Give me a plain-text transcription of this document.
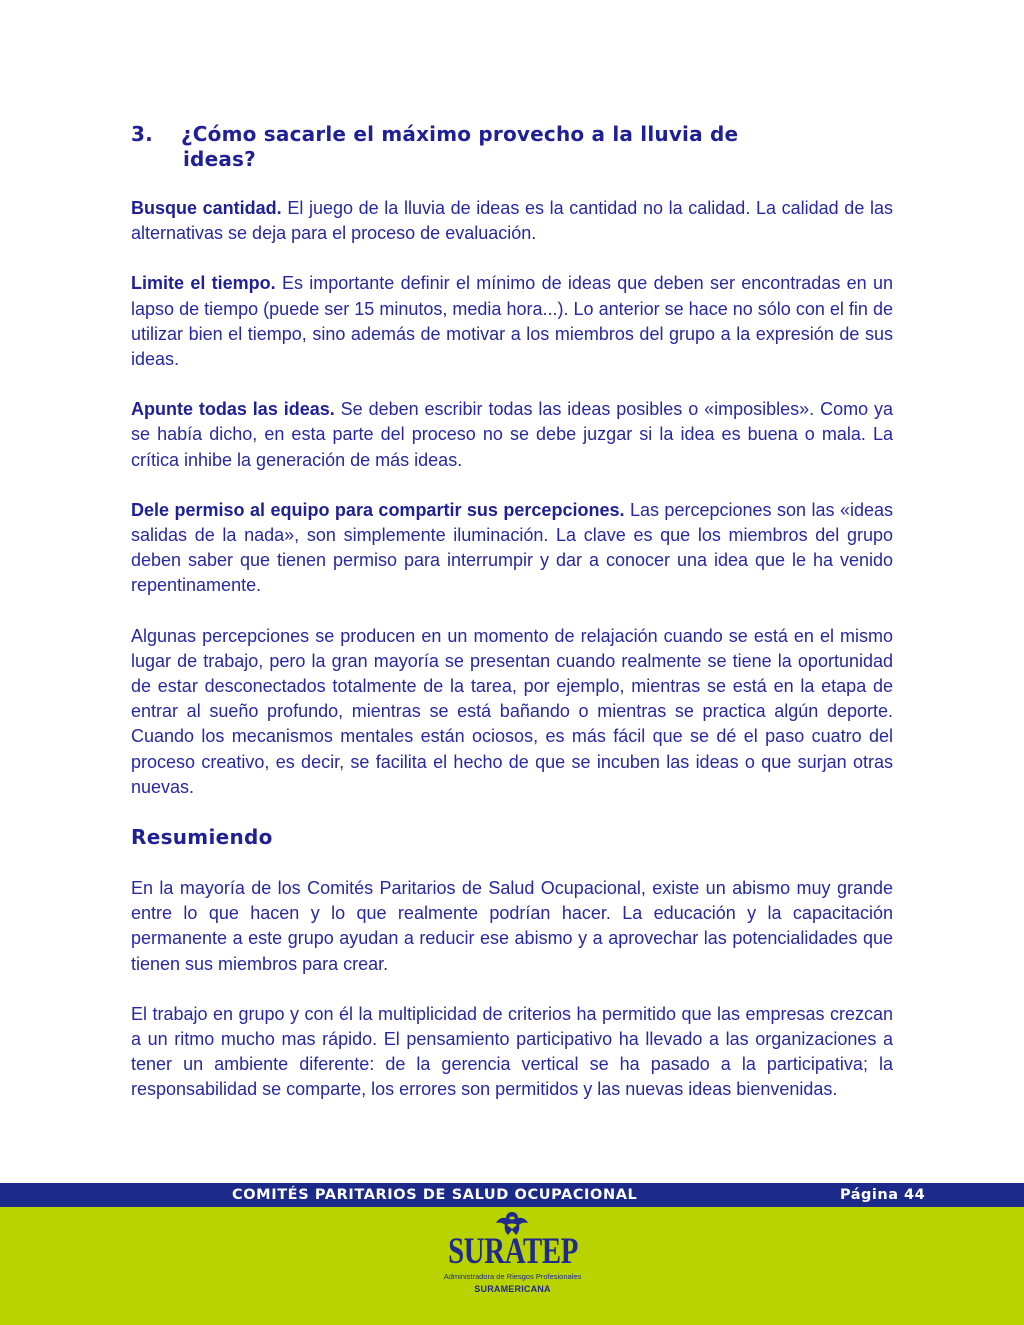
3. ¿Cómo sacarle el máximo provecho a la lluvia de
ideas?

Busque cantidad. El juego de la lluvia de ideas es la cantidad no la calidad. La calidad de las alternativas se deja para el proceso de evaluación.

Limite el tiempo. Es importante definir el mínimo de ideas que deben ser encontradas en un lapso de tiempo (puede ser 15 minutos, media hora...). Lo anterior se hace no sólo con el fin de utilizar bien el tiempo, sino además de motivar a los miembros del grupo a la expresión de sus ideas.

Apunte todas las ideas. Se deben escribir todas las ideas posibles o «imposibles». Como ya se había dicho, en esta parte del proceso no se debe juzgar si la idea es buena o mala. La crítica inhibe la generación de más ideas.

Dele permiso al equipo para compartir sus percepciones. Las percepciones son las «ideas salidas de la nada», son simplemente iluminación. La clave es que los miembros del grupo deben saber que tienen permiso para interrumpir y dar a conocer una idea que le ha venido repentinamente.

Algunas percepciones se producen en un momento de relajación cuando se está en el mismo lugar de trabajo, pero la gran mayoría se presentan cuando realmente se tiene la oportunidad de estar desconectados totalmente de la tarea, por ejemplo, mientras se está en la etapa de entrar al sueño profundo, mientras se está bañando o mientras se practica algún deporte. Cuando los mecanismos mentales están ociosos, es más fácil que se dé el paso cuatro del proceso creativo, es decir, se facilita el hecho de que se incuben las ideas o que surjan otras nuevas.

Resumiendo

En la mayoría de los Comités Paritarios de Salud Ocupacional, existe un abismo muy grande entre lo que hacen y lo que realmente podrían hacer. La educación y la capacitación permanente a este grupo ayudan a reducir ese abismo y a aprovechar las potencialidades que tienen sus miembros para crear.

El trabajo en grupo y con él la multiplicidad de criterios ha permitido que las empresas crezcan a un ritmo mucho mas rápido. El pensamiento participativo ha llevado a las organizaciones a tener un ambiente diferente: de la gerencia vertical se ha pasado a la participativa; la responsabilidad se comparte, los errores son permitidos y las nuevas ideas bienvenidas.

COMITÉS PARITARIOS DE SALUD OCUPACIONAL	Página 44
SURATEP
Administradora de Riesgos Profesionales
SURAMERICANA
